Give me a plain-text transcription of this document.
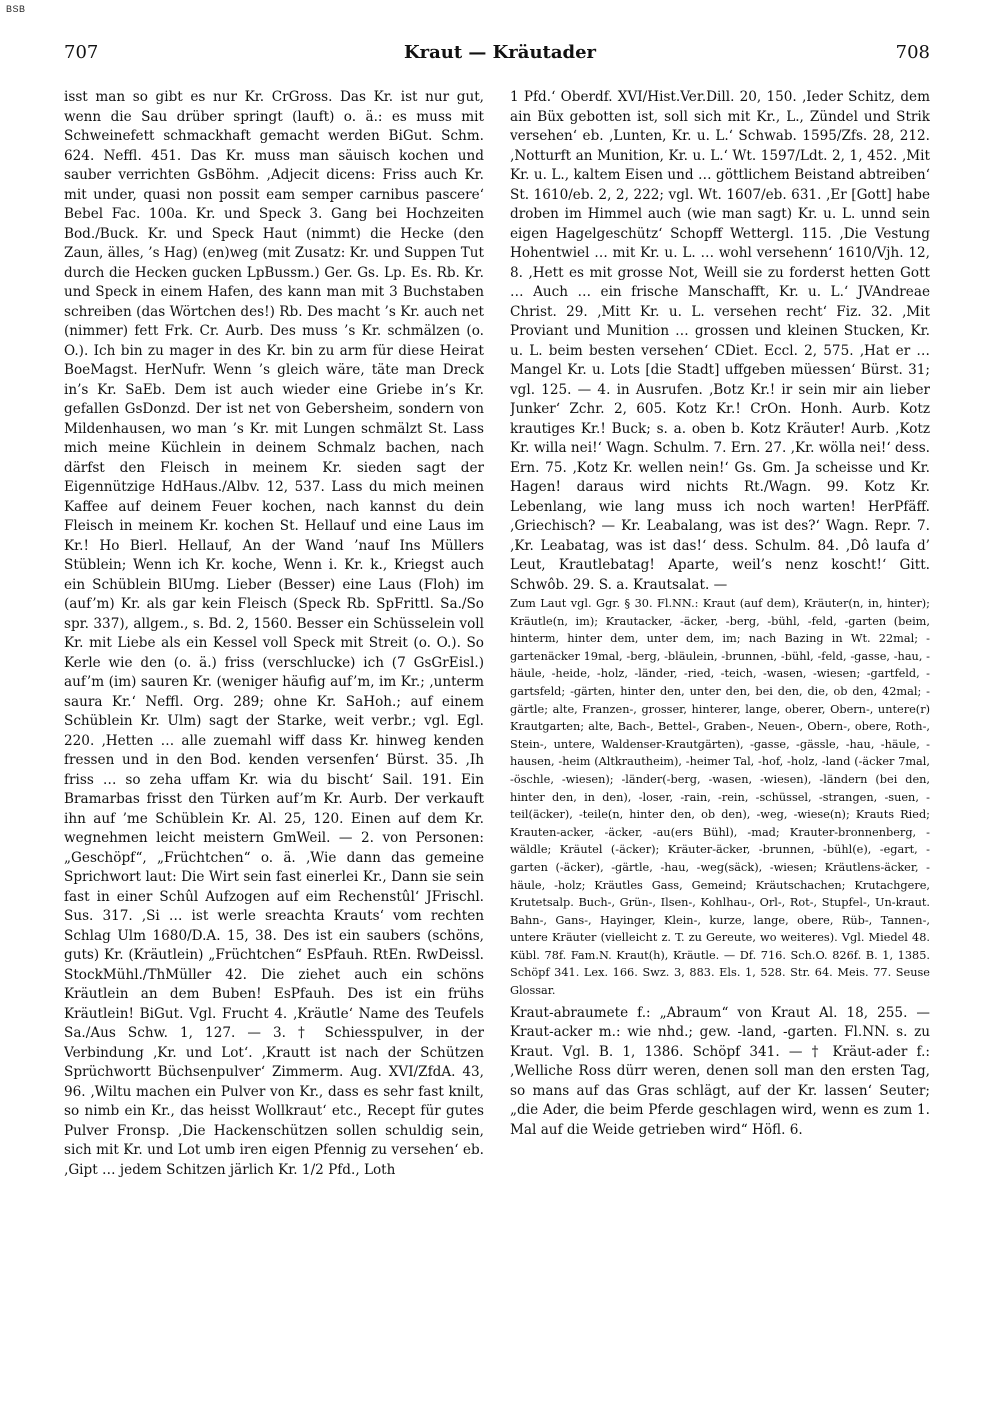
BSB
707	Kraut — Kräutader	708

isst man so gibt es nur Kr. CrGross. Das Kr. ist nur gut, wenn die Sau drüber springt (lauft) o. ä.: es muss mit Schweinefett schmackhaft gemacht werden BiGut. Schm. 624. Neffl. 451. Das Kr. muss man säuisch kochen und sauber verrichten GsBöhm. ‚Adjecit dicens: Friss auch Kr. mit under, quasi non possit eam semper carnibus pascere‘ Bebel Fac. 100a. Kr. und Speck 3. Gang bei Hochzeiten Bod./Buck. Kr. und Speck Haut (nimmt) die Hecke (den Zaun, älles, ’s Hag) (en)weg (mit Zusatz: Kr. und Suppen Tut durch die Hecken gucken LpBussm.) Ger. Gs. Lp. Es. Rb. Kr. und Speck in einem Hafen, des kann man mit 3 Buchstaben schreiben (das Wörtchen des!) Rb. Des macht ’s Kr. auch net (nimmer) fett Frk. Cr. Aurb. Des muss ’s Kr. schmälzen (o. O.). Ich bin zu mager in des Kr. bin zu arm für diese Heirat BoeMagst. HerNufr. Wenn ’s gleich wäre, täte man Dreck in’s Kr. SaEb. Dem ist auch wieder eine Griebe in’s Kr. gefallen GsDonzd. Der ist net von Gebersheim, sondern von Mildenhausen, wo man ’s Kr. mit Lungen schmälzt St. Lass mich meine Küchlein in deinem Schmalz bachen, nach därfst den Fleisch in meinem Kr. sieden sagt der Eigennützige HdHaus./Albv. 12, 537. Lass du mich meinen Kaffee auf deinem Feuer kochen, nach kannst du dein Fleisch in meinem Kr. kochen St. Hellauf und eine Laus im Kr.! Ho Bierl. Hellauf, An der Wand ’nauf Ins Müllers Stüblein; Wenn ich Kr. koche, Wenn i. Kr. k., Kriegst auch ein Schüblein BlUmg. Lieber (Besser) eine Laus (Floh) im (auf’m) Kr. als gar kein Fleisch (Speck Rb. SpFrittl. Sa./So spr. 337), allgem., s. Bd. 2, 1560. Besser ein Schüsselein voll Kr. mit Liebe als ein Kessel voll Speck mit Streit (o. O.). So Kerle wie den (o. ä.) friss (verschlucke) ich (7 GsGrEisl.) auf’m (im) sauren Kr. (weniger häufig auf’m, im Kr.; ‚unterm saura Kr.‘ Neffl. Org. 289; ohne Kr. SaHoh.; auf einem Schüblein Kr. Ulm) sagt der Starke, weit verbr.; vgl. Egl. 220. ‚Hetten … alle zuemahl wiff dass Kr. hinweg kenden fressen und in den Bod. kenden versenfen‘ Bürst. 35. ‚Ih friss … so zeha uffam Kr. wia du bischt‘ Sail. 191. Ein Bramarbas frisst den Türken auf’m Kr. Aurb. Der verkauft ihn auf ’me Schüblein Kr. Al. 25, 120. Einen auf dem Kr. wegnehmen leicht meistern GmWeil. — 2. von Personen: „Geschöpf“, „Früchtchen“ o. ä. ‚Wie dann das gemeine Sprichwort laut: Die Wirt sein fast einerlei Kr., Dann sie sein fast in einer Schûl Aufzogen auf eim Rechenstûl‘ JFrischl. Sus. 317. ‚Si … ist werle sreachta Krauts‘ vom rechten Schlag Ulm 1680/D.A. 15, 38. Des ist ein saubers (schöns, guts) Kr. (Kräutlein) „Früchtchen“ EsPfauh. RtEn. RwDeissl. StockMühl./ThMüller 42. Die ziehet auch ein schöns Kräutlein an dem Buben! EsPfauh. Des ist ein frühs Kräutlein! BiGut. Vgl. Frucht 4. ‚Kräutle‘ Name des Teufels Sa./Aus Schw. 1, 127. — 3. † Schiesspulver, in der Verbindung ‚Kr. und Lot‘. ‚Krautt ist nach der Schützen Sprüchwortt Büchsenpulver‘ Zimmerm. Aug. XVI/ZfdA. 43, 96. ‚Wiltu machen ein Pulver von Kr., dass es sehr fast knilt, so nimb ein Kr., das heisst Wollkraut‘ etc., Recept für gutes Pulver Fronsp. ‚Die Hackenschützen sollen schuldig sein, sich mit Kr. und Lot umb iren eigen Pfennig zu versehen‘ eb. ‚Gipt … jedem Schitzen järlich Kr. 1/2 Pfd., Loth

1 Pfd.‘ Oberdf. XVI/Hist.Ver.Dill. 20, 150. ‚Ieder Schitz, dem ain Büx gebotten ist, soll sich mit Kr., L., Zündel und Strik versehen‘ eb. ‚Lunten, Kr. u. L.‘ Schwab. 1595/Zfs. 28, 212. ‚Notturft an Munition, Kr. u. L.‘ Wt. 1597/Ldt. 2, 1, 452. ‚Mit Kr. u. L., kaltem Eisen und … göttlichem Beistand abtreiben‘ St. 1610/eb. 2, 2, 222; vgl. Wt. 1607/eb. 631. ‚Er [Gott] habe droben im Himmel auch (wie man sagt) Kr. u. L. unnd sein eigen Hagelgeschütz‘ Schopff Wettergl. 115. ‚Die Vestung Hohentwiel … mit Kr. u. L. … wohl versehenn‘ 1610/Vjh. 12, 8. ‚Hett es mit grosse Not, Weill sie zu forderst hetten Gott … Auch … ein frische Manschafft, Kr. u. L.‘ JVAndreae Christ. 29. ‚Mitt Kr. u. L. versehen recht‘ Fiz. 32. ‚Mit Proviant und Munition … grossen und kleinen Stucken, Kr. u. L. beim besten versehen‘ CDiet. Eccl. 2, 575. ‚Hat er … Mangel Kr. u. Lots [die Stadt] uffgeben müessen‘ Bürst. 31; vgl. 125. — 4. in Ausrufen. ‚Botz Kr.! ir sein mir ain lieber Junker‘ Zchr. 2, 605. Kotz Kr.! CrOn. Honh. Aurb. Kotz krautiges Kr.! Buck; s. a. oben b. Kotz Kräuter! Aurb. ‚Kotz Kr. willa nei!‘ Wagn. Schulm. 7. Ern. 27. ‚Kr. wölla nei!‘ dess. Ern. 75. ‚Kotz Kr. wellen nein!‘ Gs. Gm. Ja scheisse und Kr. Hagen! daraus wird nichts Rt./Wagn. 99. Kotz Kr. Lebenlang, wie lang muss ich noch warten! HerPfäff. ‚Griechisch? — Kr. Leabalang, was ist des?‘ Wagn. Repr. 7. ‚Kr. Leabatag, was ist das!‘ dess. Schulm. 84. ‚Dô laufa d’ Leut, Krautlebatag! Aparte, weil’s nenz koscht!‘ Gitt. Schwôb. 29. S. a. Krautsalat. —

Zum Laut vgl. Ggr. § 30. Fl.NN.: Kraut (auf dem), Kräuter(n, in, hinter); Kräutle(n, im); Krautacker, -äcker, -berg, -bühl, -feld, -garten (beim, hinterm, hinter dem, unter dem, im; nach Bazing in Wt. 22mal; -gartenäcker 19mal, -berg, -bläulein, -brunnen, -bühl, -feld, -gasse, -hau, -häule, -heide, -holz, -länder, -ried, -teich, -wasen, -wiesen; -gartfeld, -gartsfeld; -gärten, hinter den, unter den, bei den, die, ob den, 42mal; -gärtle; alte, Franzen-, grosser, hinterer, lange, oberer, Obern-, untere(r) Krautgarten; alte, Bach-, Bettel-, Graben-, Neuen-, Obern-, obere, Roth-, Stein-, untere, Waldenser-Krautgärten), -gasse, -gässle, -hau, -häule, -hausen, -heim (Altkrautheim), -heimer Tal, -hof, -holz, -land (-äcker 7mal, -öschle, -wiesen); -länder(-berg, -wasen, -wiesen), -ländern (bei den, hinter den, in den), -loser, -rain, -rein, -schüssel, -strangen, -suen, -teil(äcker), -teile(n, hinter den, ob den), -weg, -wiese(n); Krauts Ried; Krauten-acker, -äcker, -au(ers Bühl), -mad; Krauter-bronnenberg, -wäldle; Kräutel (-äcker); Kräuter-äcker, -brunnen, -bühl(e), -egart, -garten (-äcker), -gärtle, -hau, -weg(säck), -wiesen; Kräutlens-äcker, -häule, -holz; Kräutles Gass, Gemeind; Kräutschachen; Krutachgere, Krutetsalp. Buch-, Grün-, Ilsen-, Kohlhau-, Orl-, Rot-, Stupfel-, Un-kraut. Bahn-, Gans-, Hayinger, Klein-, kurze, lange, obere, Rüb-, Tannen-, untere Kräuter (vielleicht z. T. zu Gereute, wo weiteres). Vgl. Miedel 48. Kübl. 78f. Fam.N. Kraut(h), Kräutle. — Df. 716. Sch.O. 826f. B. 1, 1385. Schöpf 341. Lex. 166. Swz. 3, 883. Els. 1, 528. Str. 64. Meis. 77. Seuse Glossar.

Kraut-abraumete f.: „Abraum“ von Kraut Al. 18, 255. — Kraut-acker m.: wie nhd.; gew. -land, -garten. Fl.NN. s. zu Kraut. Vgl. B. 1, 1386. Schöpf 341. — † Kräut-ader f.: ‚Welliche Ross dürr weren, denen soll man den ersten Tag, so mans auf das Gras schlägt, auf der Kr. lassen‘ Seuter; „die Ader, die beim Pferde geschlagen wird, wenn es zum 1. Mal auf die Weide getrieben wird“ Höfl. 6.
